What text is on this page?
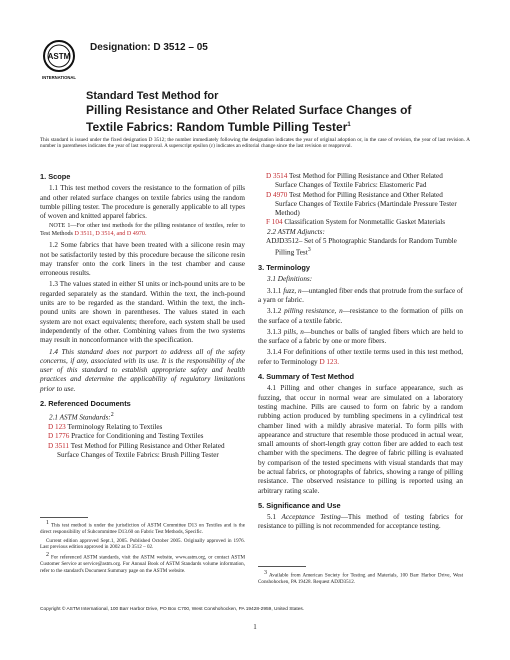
ASTM
INTERNATIONAL
Designation: D 3512 – 05
Standard Test Method for
Pilling Resistance and Other Related Surface Changes of
Textile Fabrics: Random Tumble Pilling Tester$^1$
This standard is issued under the fixed designation D 3512; the number immediately following the designation indicates the year of original adoption or, in the case of revision, the year of last revision. A number in parentheses indicates the year of last reapproval. A superscript epsilon (ε) indicates an editorial change since the last revision or reapproval.
1. Scope

1.1 This test method covers the resistance to the formation of pills and other related surface changes on textile fabrics using the random tumble pilling tester. The procedure is generally applicable to all types of woven and knitted apparel fabrics.

NOTE 1—For other test methods for the pilling resistance of textiles, refer to Test Methods D 3511, D 3514, and D 4970.

1.2 Some fabrics that have been treated with a silicone resin may not be satisfactorily tested by this procedure because the silicone resin may transfer onto the cork liners in the test chamber and cause erroneous results.

1.3 The values stated in either SI units or inch-pound units are to be regarded separately as the standard. Within the text, the inch-pound units are to be regarded as the standard. Within the text, the inch-pound units are shown in parentheses. The values stated in each system are not exact equivalents; therefore, each system shall be used independently of the other. Combining values from the two systems may result in nonconformance with the specification.

1.4 This standard does not purport to address all of the safety concerns, if any, associated with its use. It is the responsibility of the user of this standard to establish appropriate safety and health practices and determine the applicability of regulatory limitations prior to use.

2. Referenced Documents
2.1 ASTM Standards:$^2$
D 123 Terminology Relating to Textiles
D 1776 Practice for Conditioning and Testing Textiles
D 3511 Test Method for Pilling Resistance and Other Related Surface Changes of Textile Fabrics: Brush Pilling Tester
D 3514 Test Method for Pilling Resistance and Other Related Surface Changes of Textile Fabrics: Elastomeric Pad
D 4970 Test Method for Pilling Resistance and Other Related Surface Changes of Textile Fabrics (Martindale Pressure Tester Method)
F 104 Classification System for Nonmetallic Gasket Materials
2.2 ASTM Adjuncts:
ADJD3512– Set of 5 Photographic Standards for Random Tumble Pilling Test$^3$
3. Terminology

3.1 Definitions:

3.1.1 fuzz, n—untangled fiber ends that protrude from the surface of a yarn or fabric.

3.1.2 pilling resistance, n—resistance to the formation of pills on the surface of a textile fabric.

3.1.3 pills, n—bunches or balls of tangled fibers which are held to the surface of a fabric by one or more fibers.

3.1.4 For definitions of other textile terms used in this test method, refer to Terminology D 123.

4. Summary of Test Method

4.1 Pilling and other changes in surface appearance, such as fuzzing, that occur in normal wear are simulated on a laboratory testing machine. Pills are caused to form on fabric by a random rubbing action produced by tumbling specimens in a cylindrical test chamber lined with a mildly abrasive material. To form pills with appearance and structure that resemble those produced in actual wear, small amounts of short-length gray cotton fiber are added to each test chamber with the specimens. The degree of fabric pilling is evaluated by comparison of the tested specimens with visual standards that may be actual fabrics, or photographs of fabrics, showing a range of pilling resistance. The observed resistance to pilling is reported using an arbitrary rating scale.

5. Significance and Use

5.1 Acceptance Testing—This method of testing fabrics for resistance to pilling is not recommended for acceptance testing.

$^1$ This test method is under the jurisdiction of ASTM Committee D13 on Textiles and is the direct responsibility of Subcommittee D13.60 on Fabric Test Methods, Specific.
Current edition approved Sept.1, 2005. Published October 2005. Originally approved in 1976. Last previous edition approved in 2002 as D 3512 – 02.
$^2$ For referenced ASTM standards, visit the ASTM website, www.astm.org, or contact ASTM Customer Service at service@astm.org. For Annual Book of ASTM Standards volume information, refer to the standard's Document Summary page on the ASTM website.	$^3$ Available from American Society for Testing and Materials, 100 Barr Harbor Drive, West Conshohocken, PA 19428. Request ADJD3512.
Copyright © ASTM International, 100 Barr Harbor Drive, PO Box C700, West Conshohocken, PA 19428-2959, United States.
1
